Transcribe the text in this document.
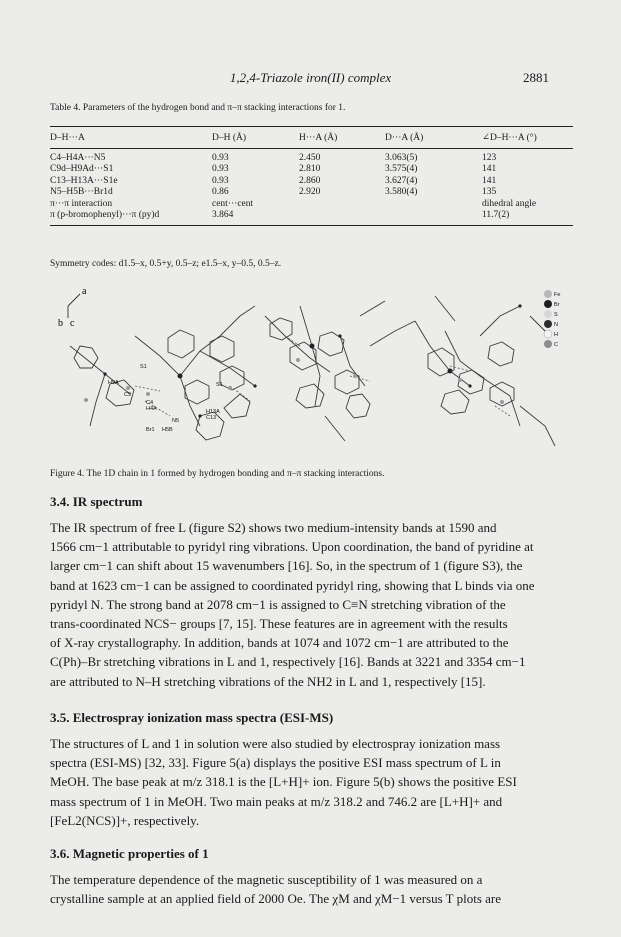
1,2,4-Triazole iron(II) complex	2881
Table 4. Parameters of the hydrogen bond and π–π stacking interactions for 1.
D–H···A	D–H (Å)	H···A (Å)	D···A (Å)	∠D–H···A (°)
C4–H4A···N5	0.93	2.450	3.063(5)	123
C9d–H9Ad···S1	0.93	2.810	3.575(4)	141
C13–H13A···S1e	0.93	2.860	3.627(4)	141
N5–H5B···Br1d	0.86	2.920	3.580(4)	135
π···π interaction	cent···cent			dihedral angle
π (p-bromophenyl)···π (py)d	3.864			11.7(2)
Symmetry codes: d1.5–x, 0.5+y, 0.5–z; e1.5–x, y–0.5, 0.5–z.
a
b c
S1
H9A
C9
C4
H4A
N5
H5B
Br1
S1
H13A
C13
Fe
Br
S
N
H
C
Figure 4. The 1D chain in 1 formed by hydrogen bonding and π–π stacking interactions.
3.4. IR spectrum
The IR spectrum of free L (figure S2) shows two medium-intensity bands at 1590 and
1566 cm−1 attributable to pyridyl ring vibrations. Upon coordination, the band of pyridine at
larger cm−1 can shift about 15 wavenumbers [16]. So, in the spectrum of 1 (figure S3), the
band at 1623 cm−1 can be assigned to coordinated pyridyl ring, showing that L binds via one
pyridyl N. The strong band at 2078 cm−1 is assigned to C≡N stretching vibration of the
trans-coordinated NCS− groups [7, 15]. These features are in agreement with the results
of X-ray crystallography. In addition, bands at 1074 and 1072 cm−1 are attributed to the
C(Ph)–Br stretching vibrations in L and 1, respectively [16]. Bands at 3221 and 3354 cm−1
are attributed to N–H stretching vibrations of the NH2 in L and 1, respectively [15].
3.5. Electrospray ionization mass spectra (ESI-MS)
The structures of L and 1 in solution were also studied by electrospray ionization mass
spectra (ESI-MS) [32, 33]. Figure 5(a) displays the positive ESI mass spectrum of L in
MeOH. The base peak at m/z 318.1 is the [L+H]+ ion. Figure 5(b) shows the positive ESI
mass spectrum of 1 in MeOH. Two main peaks at m/z 318.2 and 746.2 are [L+H]+ and
[FeL2(NCS)]+, respectively.
3.6. Magnetic properties of 1
The temperature dependence of the magnetic susceptibility of 1 was measured on a
crystalline sample at an applied field of 2000 Oe. The χM and χM−1 versus T plots are
